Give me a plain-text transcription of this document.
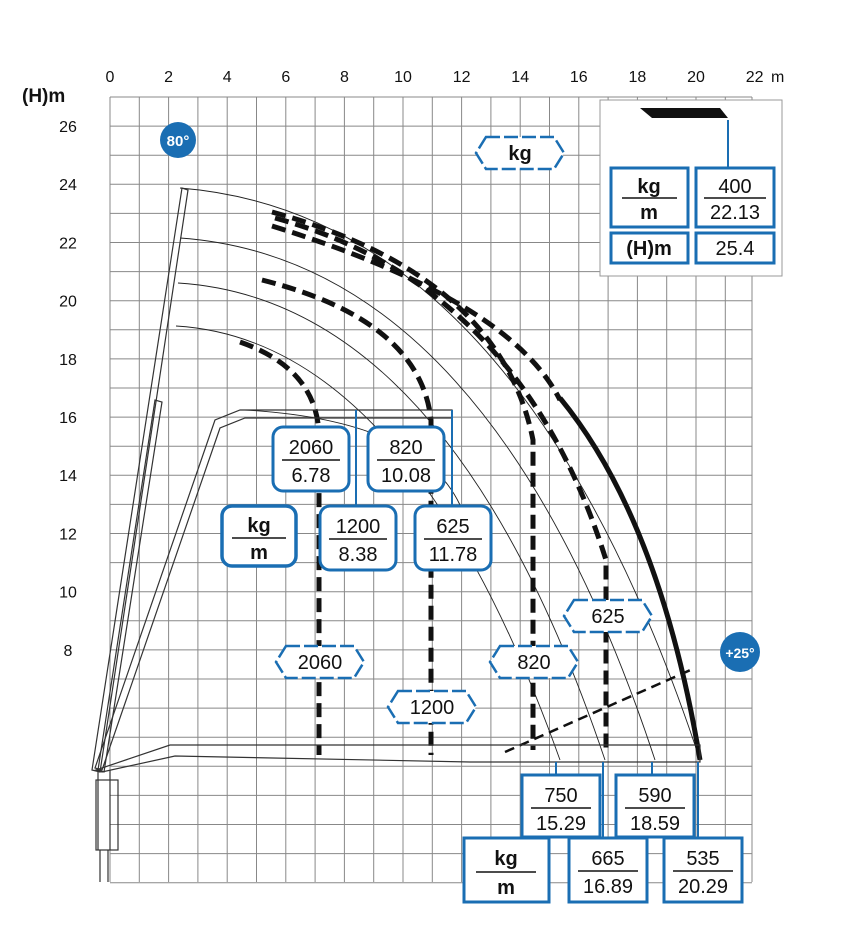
0	2	4	6	8	10	12	14	16	18	20	22
26
24
22
20
18
16
14
12
10
8
m
(H)m
kg
m
400
22.13
(H)m 25.4
80°
+25°
kg
2060
1200
820
625
kg
m
kg
m
2060
6.78
1200
8.38
820
10.08
625
11.78
750
15.29
665
16.89
590
18.59
535
20.29
